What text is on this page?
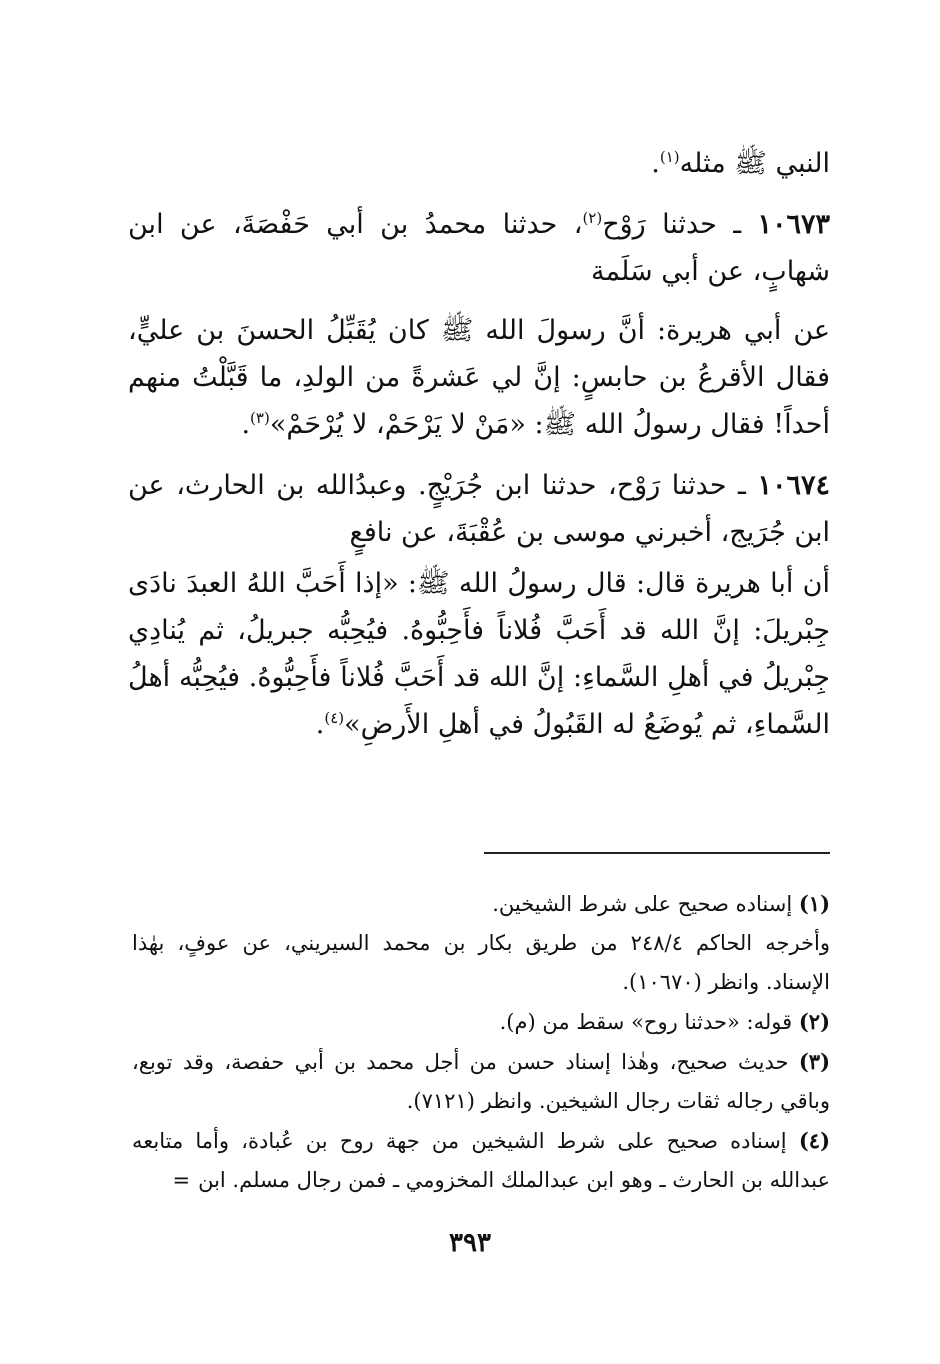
النبي ﷺ مثله$^{(١)}$.

١٠٦٧٣ ـ حدثنا رَوْح$^{(٢)}$، حدثنا محمدُ بن أبي حَفْصَةَ، عن ابن شهابٍ، عن أبي سَلَمة

عن أبي هريرة: أنَّ رسولَ الله ﷺ كان يُقَبِّلُ الحسنَ بن عليٍّ، فقال الأقرعُ بن حابسٍ: إنَّ لي عَشرةً من الولدِ، ما قَبَّلْتُ منهم أحداً! فقال رسولُ الله ﷺ: «مَنْ لا يَرْحَمْ، لا يُرْحَمْ»$^{(٣)}$.

١٠٦٧٤ ـ حدثنا رَوْح، حدثنا ابن جُرَيْجٍ. وعبدُالله بن الحارث، عن ابن جُرَيج، أخبرني موسى بن عُقْبَةَ، عن نافعٍ

أن أبا هريرة قال: قال رسولُ الله ﷺ: «إذا أَحَبَّ اللهُ العبدَ نادَى جِبْريلَ: إنَّ الله قد أَحَبَّ فُلاناً فأَحِبُّوهُ. فيُحِبُّه جبريلُ، ثم يُنادِي جِبْريلُ في أهلِ السَّماءِ: إنَّ الله قد أَحَبَّ فُلاناً فأَحِبُّوهُ. فيُحِبُّه أهلُ السَّماءِ، ثم يُوضَعُ له القَبُولُ في أهلِ الأَرضِ»$^{(٤)}$.

(١) إسناده صحيح على شرط الشيخين.

وأخرجه الحاكم ٢٤٨/٤ من طريق بكار بن محمد السيريني، عن عوفٍ، بهٰذا الإسناد. وانظر (١٠٦٧٠).

(٢) قوله: «حدثنا روح» سقط من (م).

(٣) حديث صحيح، وهٰذا إسناد حسن من أجل محمد بن أبي حفصة، وقد توبع، وباقي رجاله ثقات رجال الشيخين. وانظر (٧١٢١).

(٤) إسناده صحيح على شرط الشيخين من جهة روح بن عُبادة، وأما متابعه عبدالله بن الحارث ـ وهو ابن عبدالملك المخزومي ـ فمن رجال مسلم. ابن=

٣٩٣
